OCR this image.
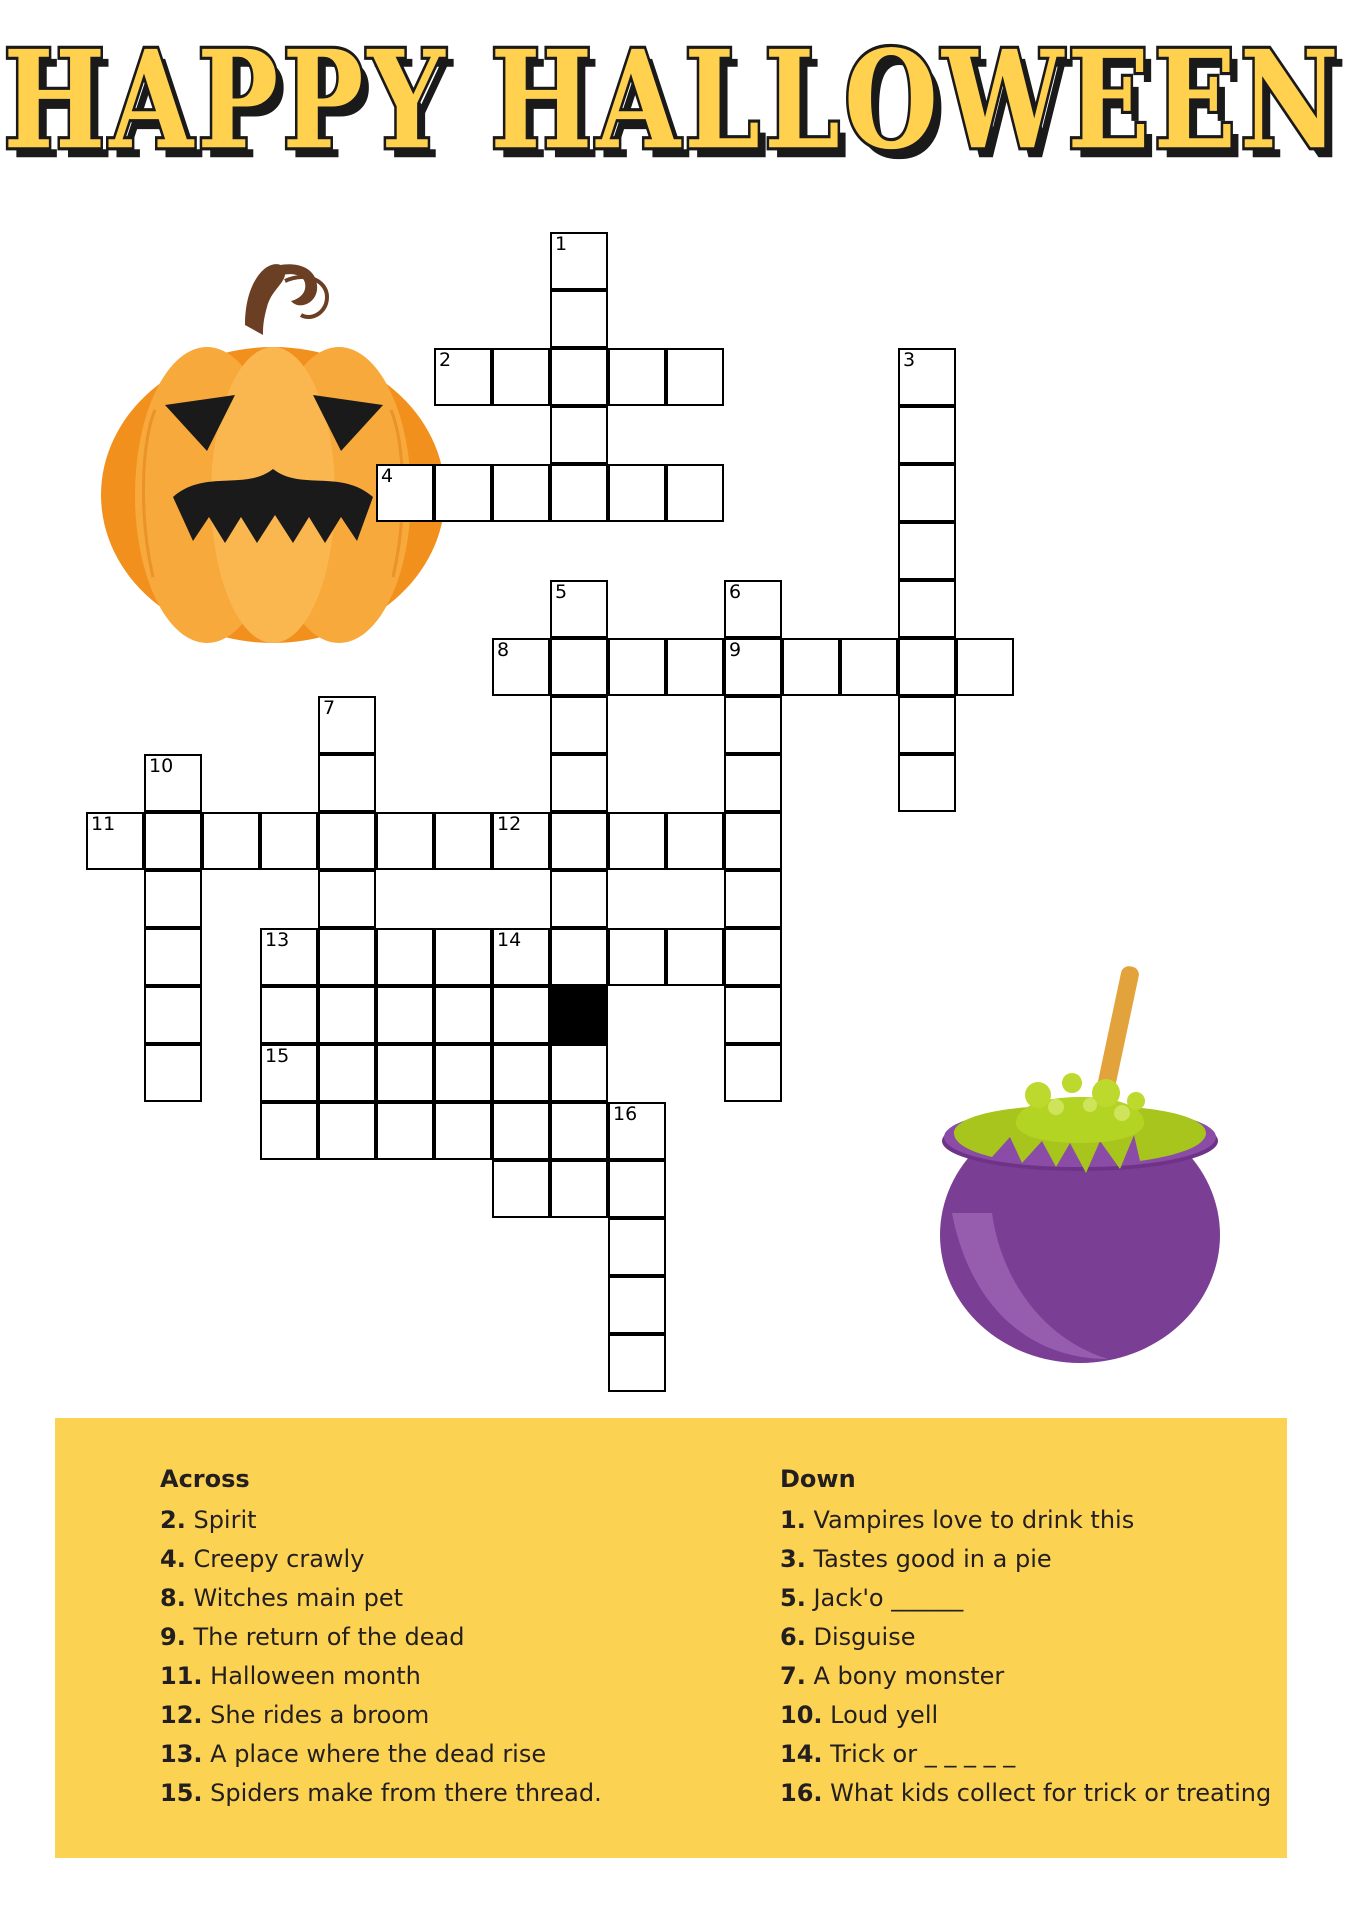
HAPPY HALLOWEEN
1
2	3
4
5	6
8	9
7
10
11	12
13	14
15
16
Across
2. Spirit
4. Creepy crawly
8. Witches main pet
9. The return of the dead
11. Halloween month
12. She rides a broom
13. A place where the dead rise
15. Spiders make from there thread.
Down
1. Vampires love to drink this
3. Tastes good in a pie
5. Jack'o ______
6. Disguise
7. A bony monster
10. Loud yell
14. Trick or _ _ _ _ _
16. What kids collect for trick or treating
